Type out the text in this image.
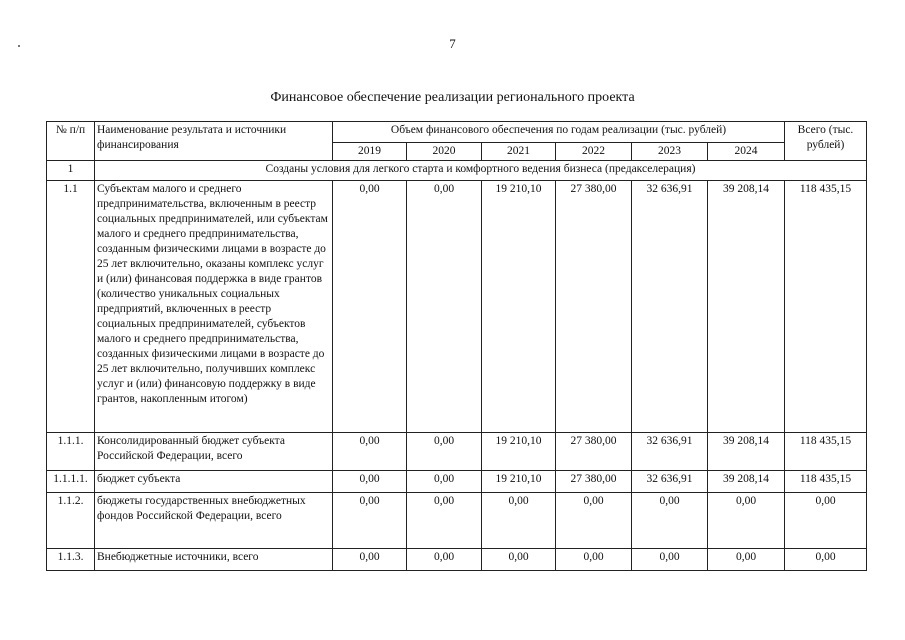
7
Финансовое обеспечение реализации регионального проекта
№ п/п	Наименование результата и источники финансирования	Объем финансового обеспечения по годам реализации (тыс. рублей)						Всего (тыс. рублей)
		2019	2020	2021	2022	2023	2024	
1	Созданы условия для легкого старта и комфортного ведения бизнеса (предакселерация)							
1.1	Субъектам малого и среднего предпринимательства, включенным в реестр социальных предпринимателей, или субъектам малого и среднего предпринимательства, созданным физическими лицами в возрасте до 25 лет включительно, оказаны комплекс услуг и (или) финансовая поддержка в виде грантов (количество уникальных социальных предприятий, включенных в реестр социальных предпринимателей, субъектов малого и среднего предпринимательства, созданных физическими лицами в возрасте до 25 лет включительно, получивших комплекс услуг и (или) финансовую поддержку в виде грантов, накопленным итогом)	0,00	0,00	19 210,10	27 380,00	32 636,91	39 208,14	118 435,15
1.1.1.	Консолидированный бюджет субъекта Российской Федерации, всего	0,00	0,00	19 210,10	27 380,00	32 636,91	39 208,14	118 435,15
1.1.1.1.	бюджет субъекта	0,00	0,00	19 210,10	27 380,00	32 636,91	39 208,14	118 435,15
1.1.2.	бюджеты государственных внебюджетных фондов Российской Федерации, всего	0,00	0,00	0,00	0,00	0,00	0,00	0,00
1.1.3.	Внебюджетные источники, всего	0,00	0,00	0,00	0,00	0,00	0,00	0,00
